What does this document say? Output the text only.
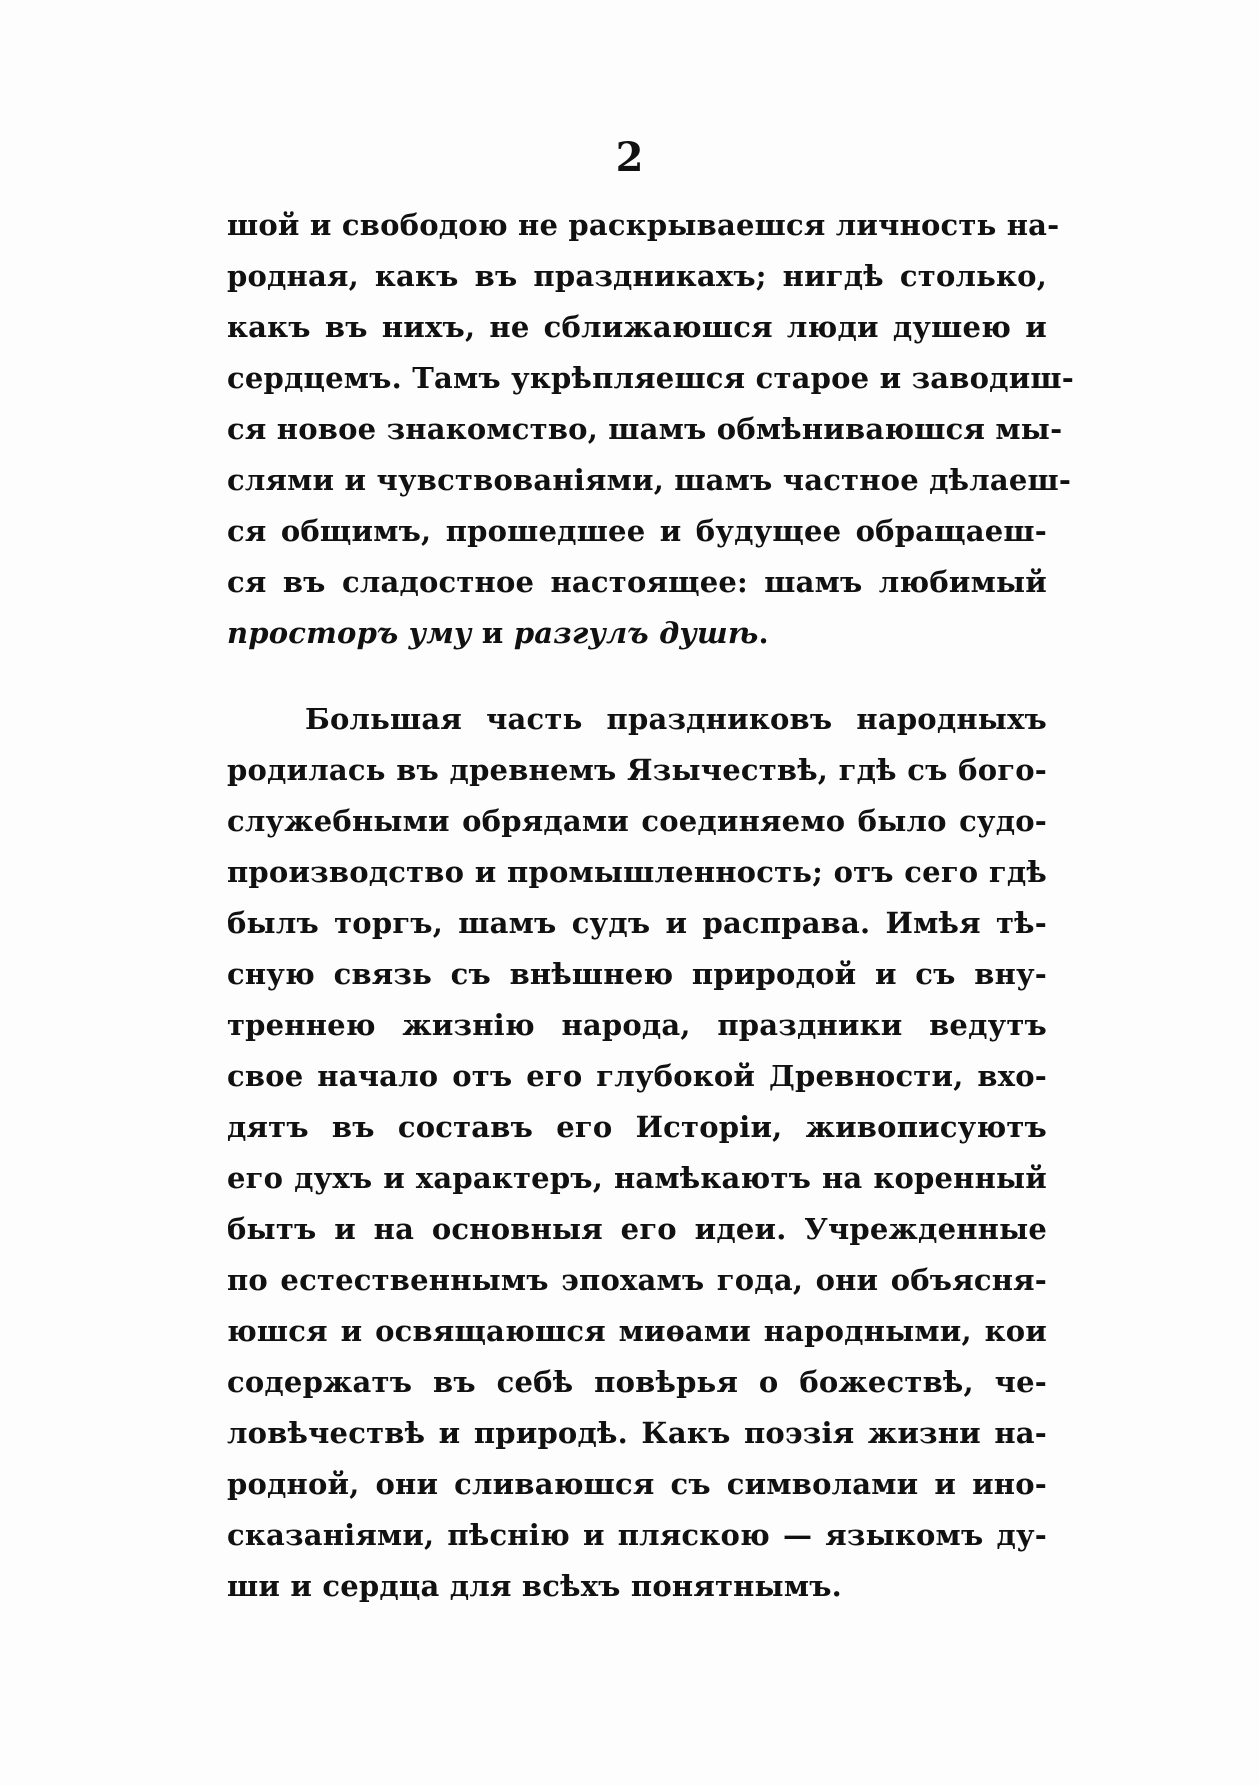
2
шой и свободою не раскрываешся личность на-
родная, какъ въ праздникахъ; нигдѣ столько,
какъ въ нихъ, не сближаюшся люди душею и
сердцемъ. Тамъ укрѣпляешся старое и заводиш-
ся новое знакомство, шамъ обмѣниваюшся мы-
слями и чувствованіями, шамъ частное дѣлаеш-
ся общимъ, прошедшее и будущее обращаеш-
ся въ сладостное настоящее: шамъ любимый
просторъ уму и разгулъ душѣ.
Большая часть праздниковъ народныхъ
родилась въ древнемъ Язычествѣ, гдѣ съ бого-
служебными обрядами соединяемо было судо-
производство и промышленность; отъ сего гдѣ
былъ торгъ, шамъ судъ и расправа. Имѣя тѣ-
сную связь съ внѣшнею природой и съ вну-
треннею жизнію народа, праздники ведутъ
свое начало отъ его глубокой Древности, вхо-
дятъ въ составъ его Исторіи, живописуютъ
его духъ и характеръ, намѣкаютъ на коренный
бытъ и на основныя его идеи. Учрежденные
по естественнымъ эпохамъ года, они объясня-
юшся и освящаюшся миѳами народными, кои
содержатъ въ себѣ повѣрья о божествѣ, че-
ловѣчествѣ и природѣ. Какъ поэзія жизни на-
родной, они сливаюшся съ символами и ино-
сказаніями, пѣснію и пляскою — языкомъ ду-
ши и сердца для всѣхъ понятнымъ.
